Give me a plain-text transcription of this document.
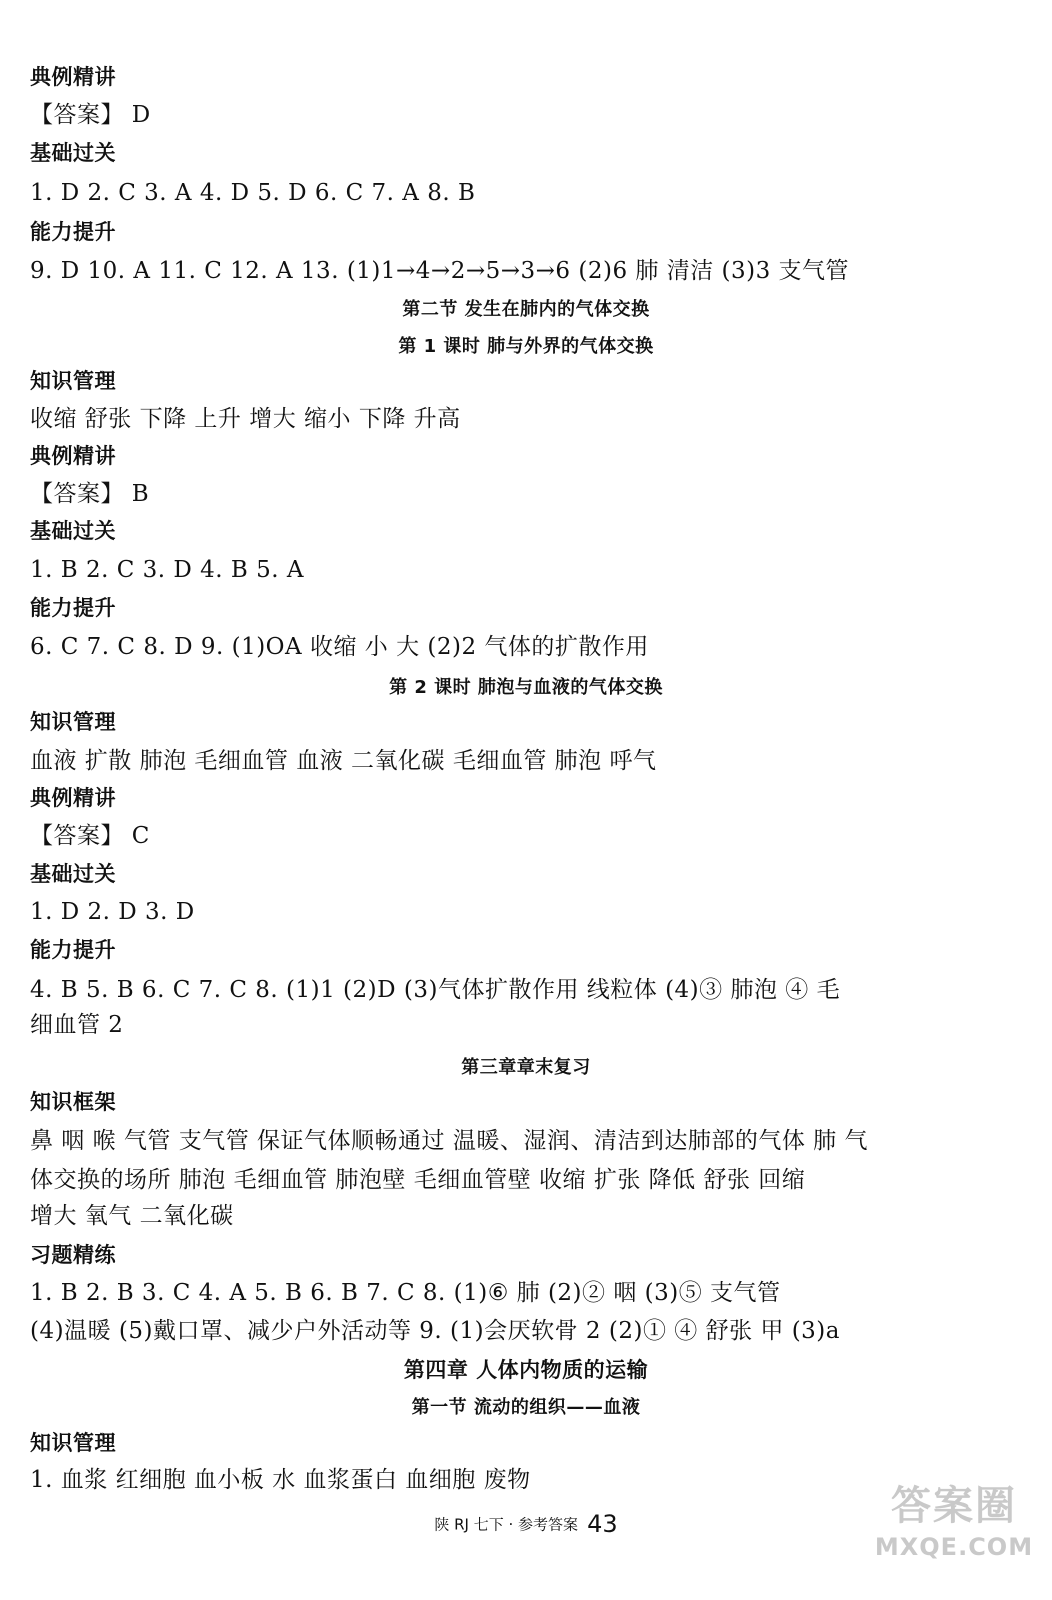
典例精讲
【答案】 D
基础过关
1. D 2. C 3. A 4. D 5. D 6. C 7. A 8. B
能力提升
9. D 10. A 11. C 12. A 13. (1)1→4→2→5→3→6 (2)6 肺 清洁 (3)3 支气管
第二节 发生在肺内的气体交换
第 1 课时 肺与外界的气体交换
知识管理
收缩 舒张 下降 上升 增大 缩小 下降 升高
典例精讲
【答案】 B
基础过关
1. B 2. C 3. D 4. B 5. A
能力提升
6. C 7. C 8. D 9. (1)OA 收缩 小 大 (2)2 气体的扩散作用
第 2 课时 肺泡与血液的气体交换
知识管理
血液 扩散 肺泡 毛细血管 血液 二氧化碳 毛细血管 肺泡 呼气
典例精讲
【答案】 C
基础过关
1. D 2. D 3. D
能力提升
4. B 5. B 6. C 7. C 8. (1)1 (2)D (3)气体扩散作用 线粒体 (4)③ 肺泡 ④ 毛
细血管 2
第三章章末复习
知识框架
鼻 咽 喉 气管 支气管 保证气体顺畅通过 温暖、湿润、清洁到达肺部的气体 肺 气
体交换的场所 肺泡 毛细血管 肺泡壁 毛细血管壁 收缩 扩张 降低 舒张 回缩
增大 氧气 二氧化碳
习题精练
1. B 2. B 3. C 4. A 5. B 6. B 7. C 8. (1)⑥ 肺 (2)② 咽 (3)⑤ 支气管
(4)温暖 (5)戴口罩、减少户外活动等 9. (1)会厌软骨 2 (2)① ④ 舒张 甲 (3)a
第四章 人体内物质的运输
第一节 流动的组织——血液
知识管理
1. 血浆 红细胞 血小板 水 血浆蛋白 血细胞 废物
陕 RJ 七下 · 参考答案 43	答案圈
MXQE.COM
